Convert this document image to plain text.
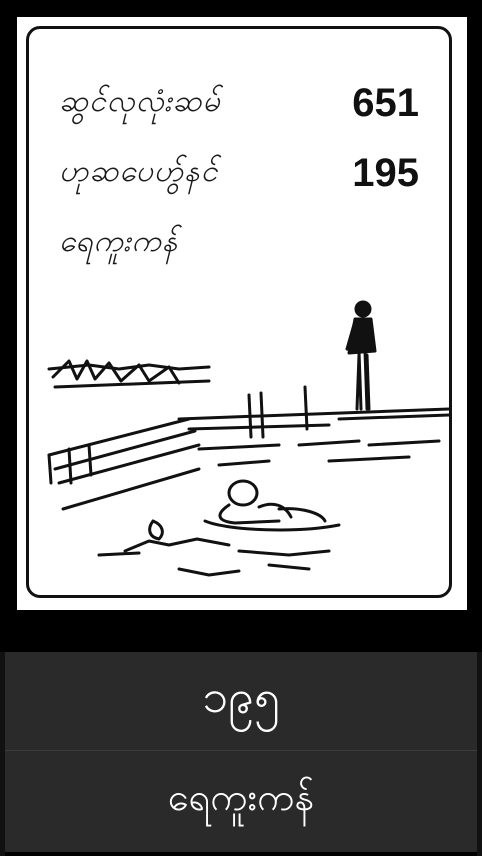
ဆွင်လုလုံးဆမ်	651
ဟုဆပေဟွ်နင်	195
ရေကူးကန်
၁၉၅
ရေကူးကန်
